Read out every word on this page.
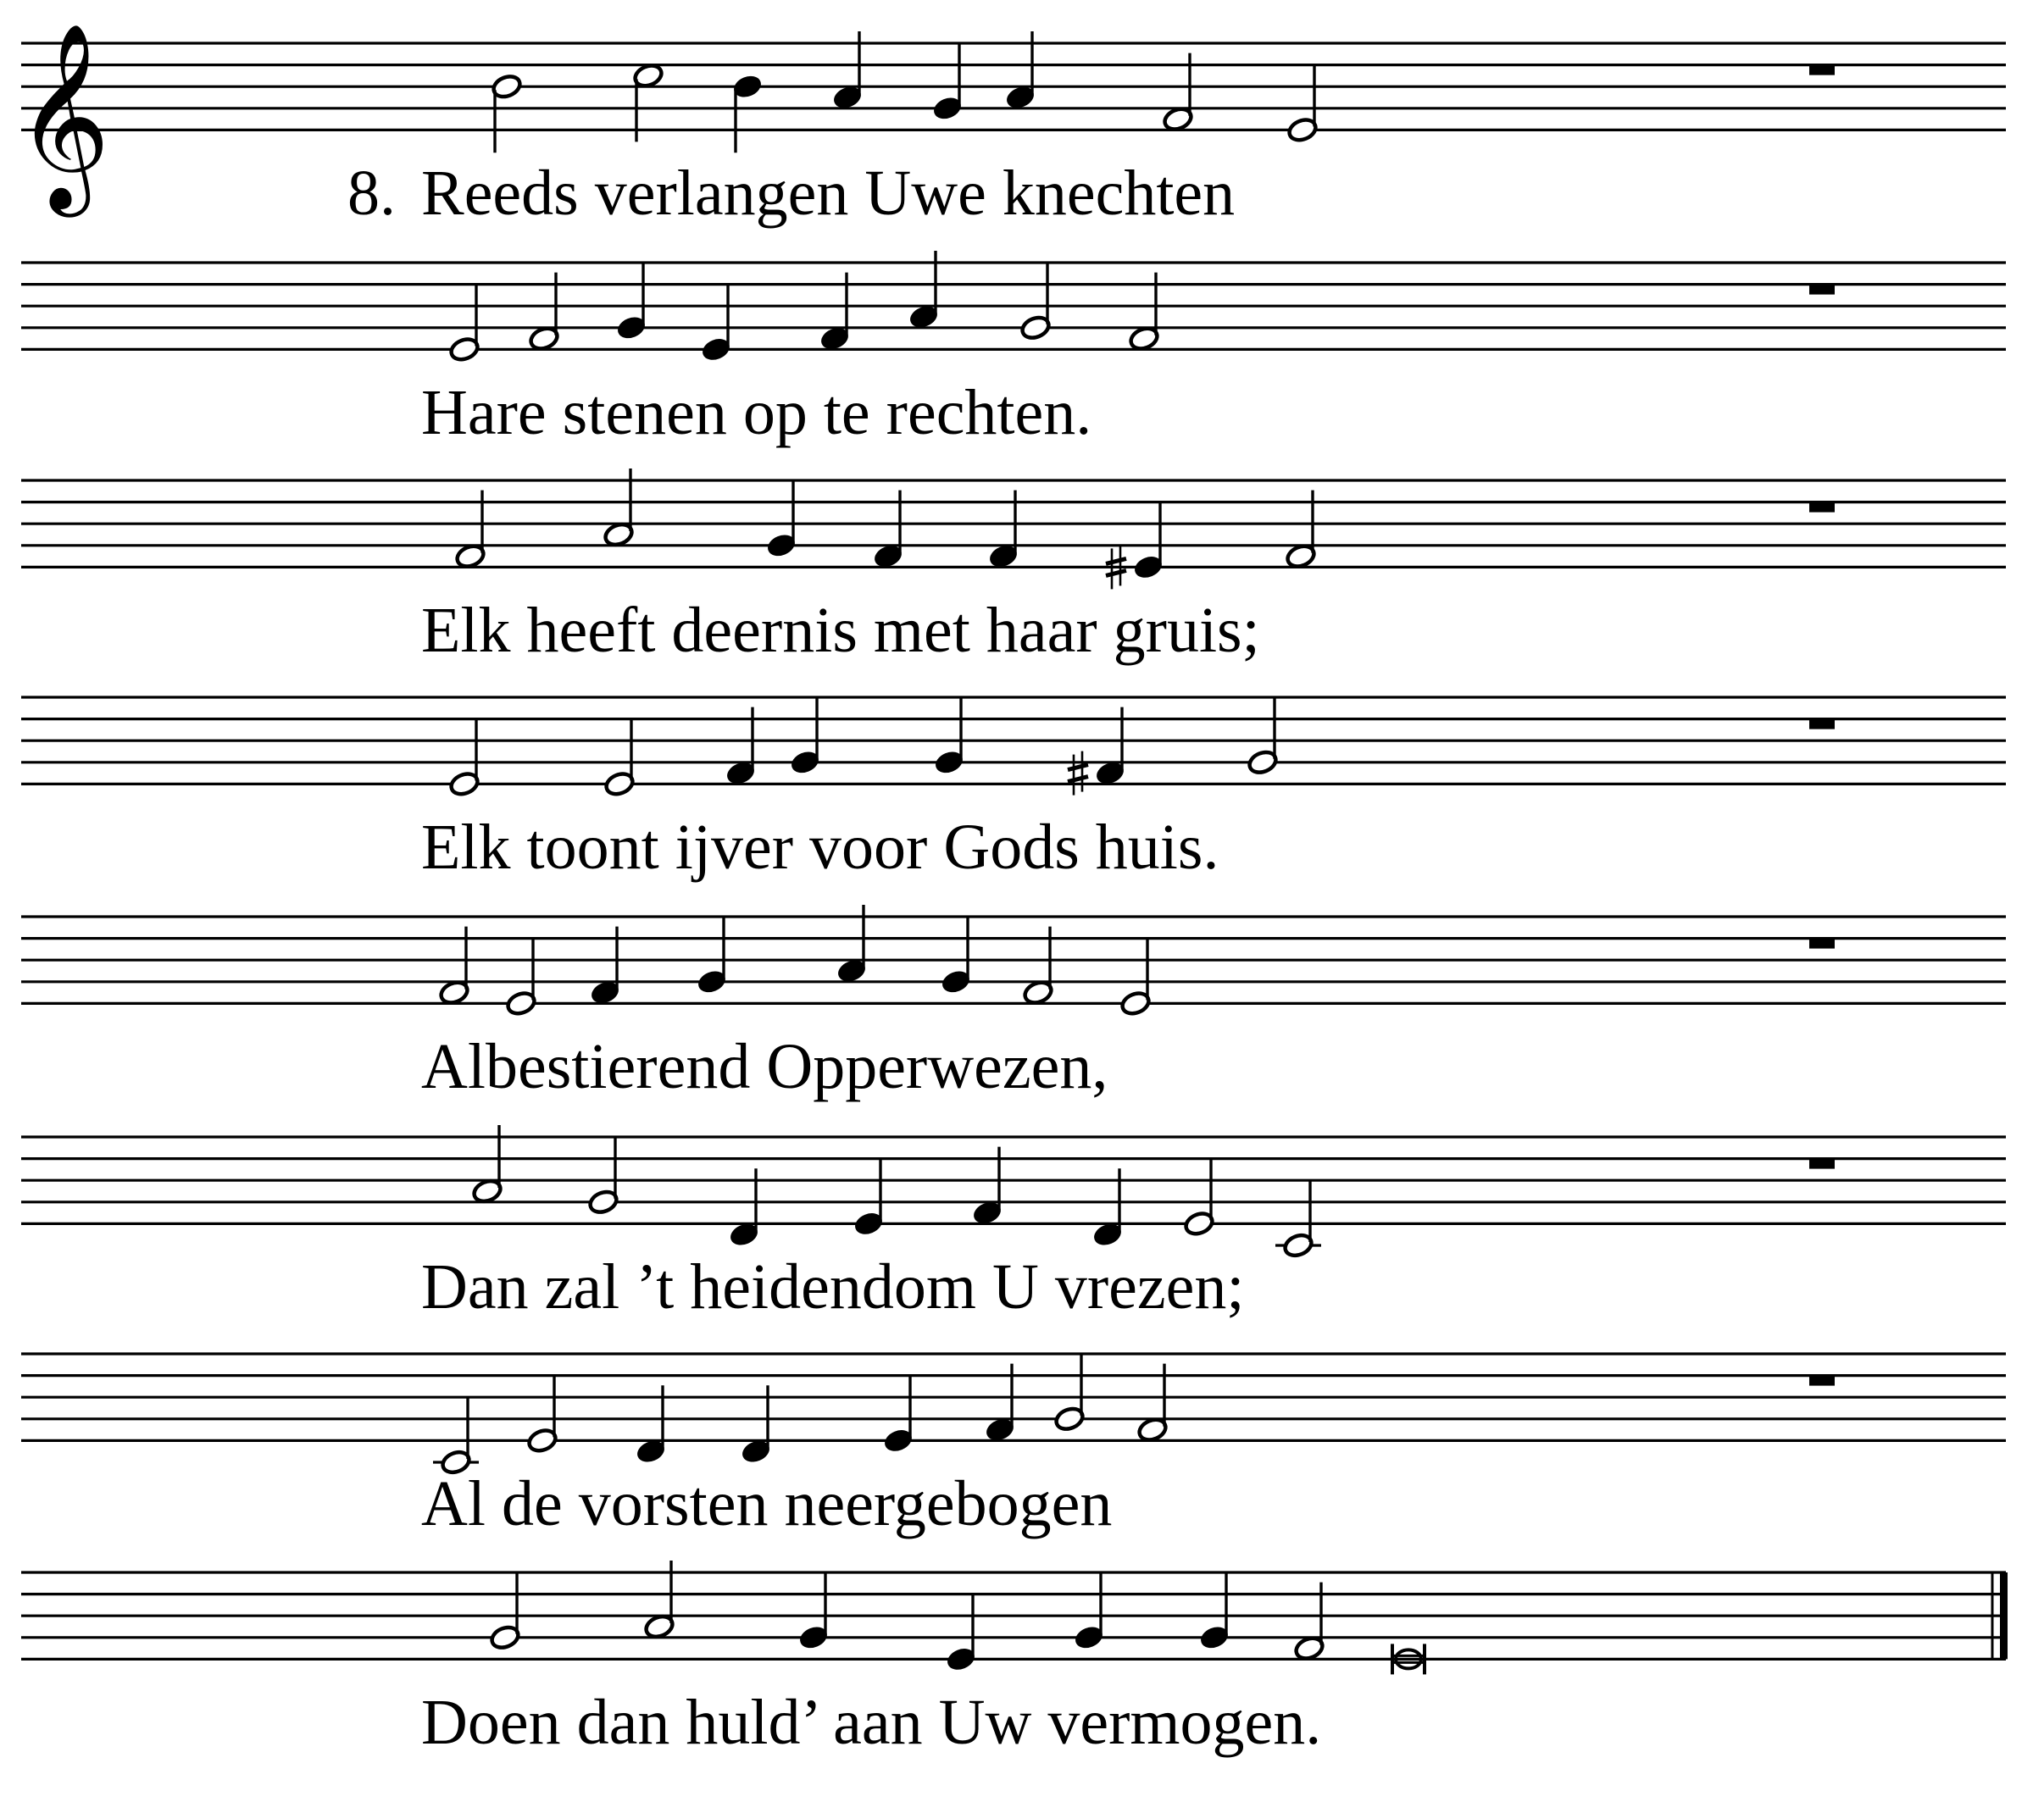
𝄞	8. Reeds verlangen Uwe knechten
Hare stenen op te rechten.
Elk heeft deernis met haar gruis;
Elk toont ijver voor Gods huis.
Albestierend Opperwezen,
Dan zal ’t heidendom U vrezen;
Al de vorsten neergebogen
Doen dan huld’ aan Uw vermogen.
